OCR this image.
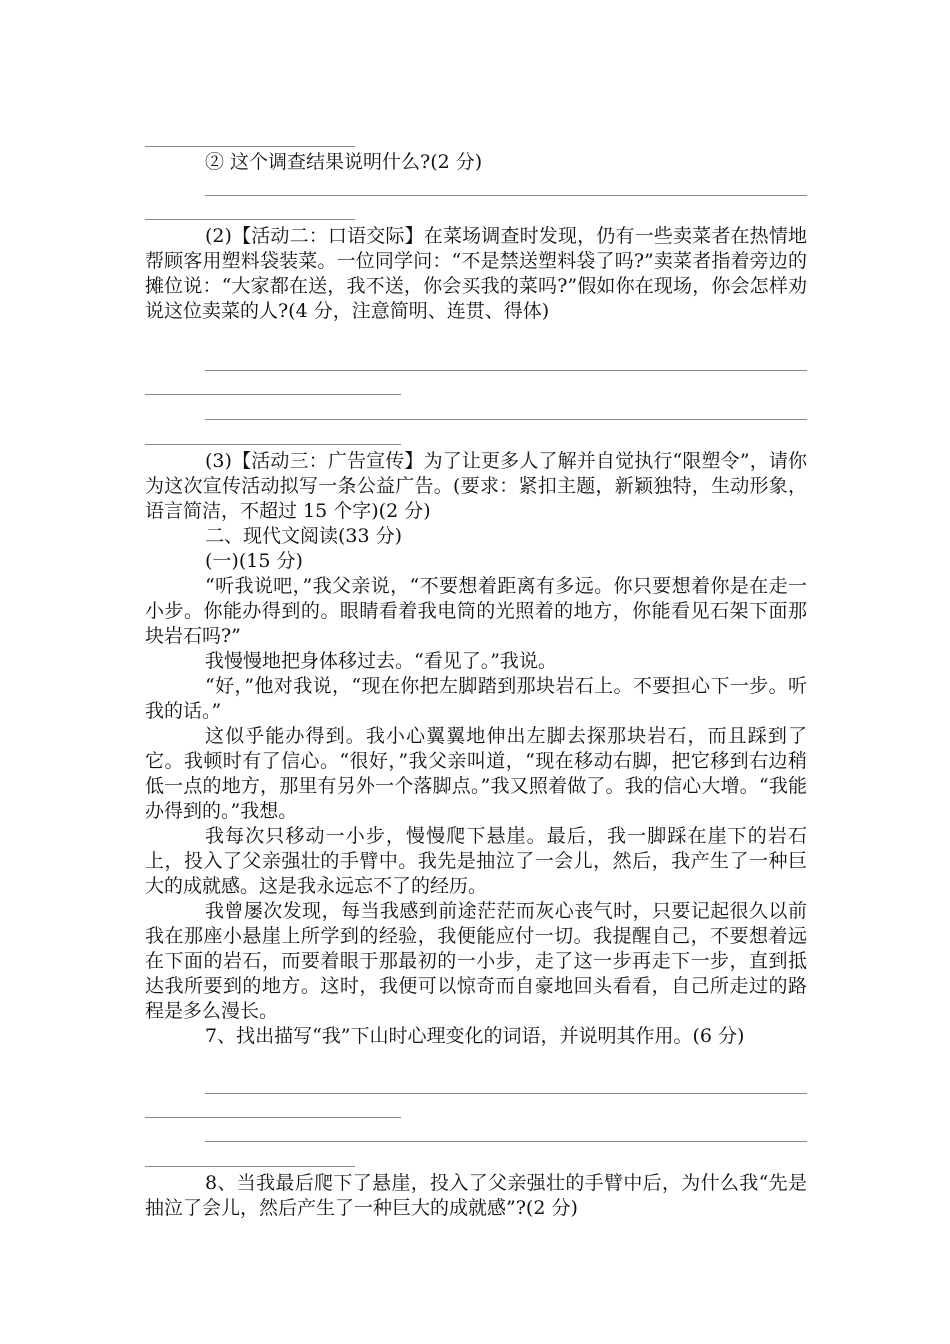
② 这个调查结果说明什么?(2 分)

(2)【活动二：口语交际】在菜场调查时发现，仍有一些卖菜者在热情地帮顾客用塑料袋装菜。一位同学问：“不是禁送塑料袋了吗?”卖菜者指着旁边的摊位说：“大家都在送，我不送，你会买我的菜吗?”假如你在现场，你会怎样劝说这位卖菜的人?(4 分，注意简明、连贯、得体)

(3)【活动三：广告宣传】为了让更多人了解并自觉执行“限塑令”，请你为这次宣传活动拟写一条公益广告。(要求：紧扣主题，新颖独特，生动形象，语言简洁，不超过 15 个字)(2 分)

二、现代文阅读(33 分)

(一)(15 分)

“听我说吧，”我父亲说，“不要想着距离有多远。你只要想着你是在走一小步。你能办得到的。眼睛看着我电筒的光照着的地方，你能看见石架下面那块岩石吗?”

我慢慢地把身体移过去。“看见了。”我说。

“好，”他对我说，“现在你把左脚踏到那块岩石上。不要担心下一步。听我的话。”

这似乎能办得到。我小心翼翼地伸出左脚去探那块岩石，而且踩到了它。我顿时有了信心。“很好，”我父亲叫道，“现在移动右脚，把它移到右边稍低一点的地方，那里有另外一个落脚点。”我又照着做了。我的信心大增。“我能办得到的。”我想。

我每次只移动一小步，慢慢爬下悬崖。最后，我一脚踩在崖下的岩石上，投入了父亲强壮的手臂中。我先是抽泣了一会儿，然后，我产生了一种巨大的成就感。这是我永远忘不了的经历。

我曾屡次发现，每当我感到前途茫茫而灰心丧气时，只要记起很久以前我在那座小悬崖上所学到的经验，我便能应付一切。我提醒自己，不要想着远在下面的岩石，而要着眼于那最初的一小步，走了这一步再走下一步，直到抵达我所要到的地方。这时，我便可以惊奇而自豪地回头看看，自己所走过的路程是多么漫长。

7、找出描写“我”下山时心理变化的词语，并说明其作用。(6 分)

8、当我最后爬下了悬崖，投入了父亲强壮的手臂中后，为什么我“先是抽泣了会儿，然后产生了一种巨大的成就感”?(2 分)
